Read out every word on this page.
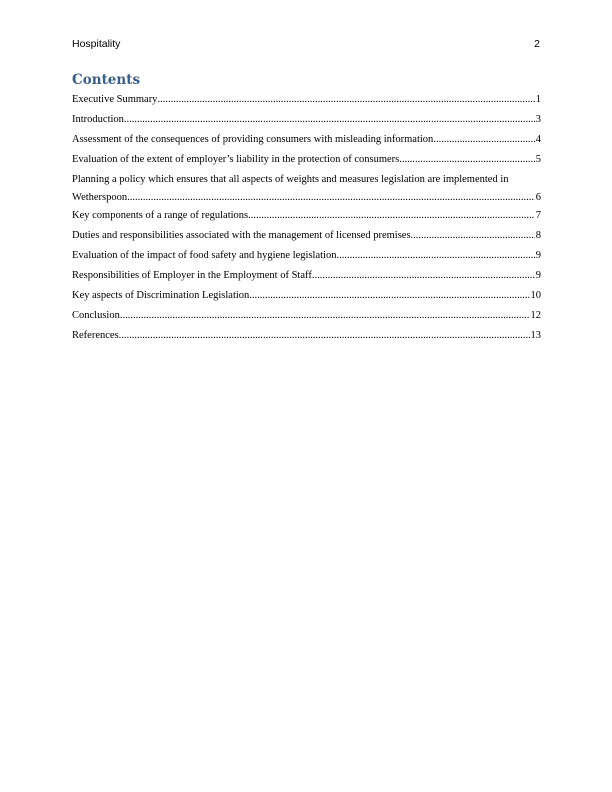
Hospitality	2
Contents
Executive Summary .....	1
Introduction .....	3
Assessment of the consequences of providing consumers with misleading information .....	4
Evaluation of the extent of employer’s liability in the protection of consumers .....	5
Planning a policy which ensures that all aspects of weights and measures legislation are implemented in
Wetherspoon .....	6
Key components of a range of regulations .....	7
Duties and responsibilities associated with the management of licensed premises .....	8
Evaluation of the impact of food safety and hygiene legislation .....	9
Responsibilities of Employer in the Employment of Staff .....	9
Key aspects of Discrimination Legislation .....	10
Conclusion .....	12
References .....	13
